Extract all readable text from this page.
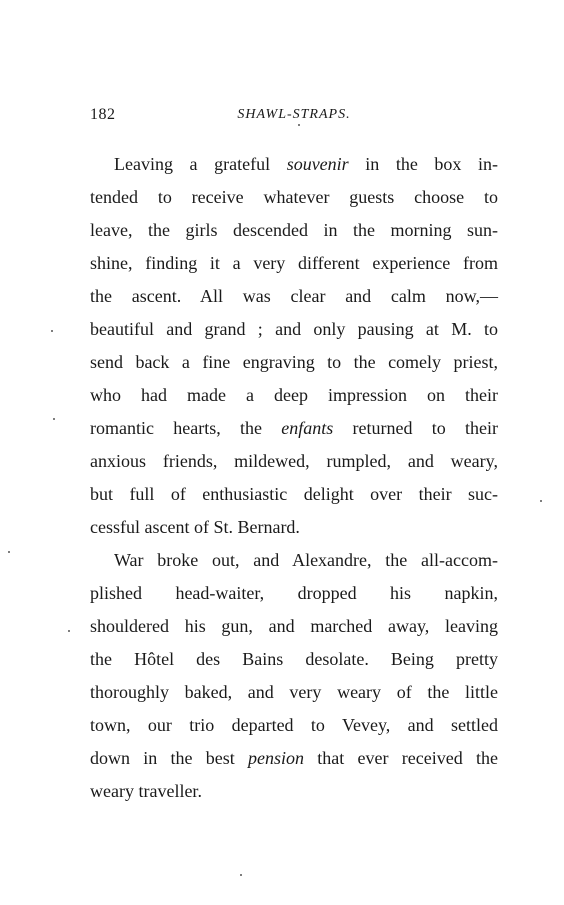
182	SHAWL-STRAPS.
Leaving a grateful souvenir in the box in-
tended to receive whatever guests choose to
leave, the girls descended in the morning sun-
shine, finding it a very different experience from
the ascent. All was clear and calm now,—
beautiful and grand ; and only pausing at M. to
send back a fine engraving to the comely priest,
who had made a deep impression on their
romantic hearts, the enfants returned to their
anxious friends, mildewed, rumpled, and weary,
but full of enthusiastic delight over their suc-
cessful ascent of St. Bernard.
War broke out, and Alexandre, the all-accom-
plished head-waiter, dropped his napkin,
shouldered his gun, and marched away, leaving
the Hôtel des Bains desolate. Being pretty
thoroughly baked, and very weary of the little
town, our trio departed to Vevey, and settled
down in the best pension that ever received the
weary traveller.
